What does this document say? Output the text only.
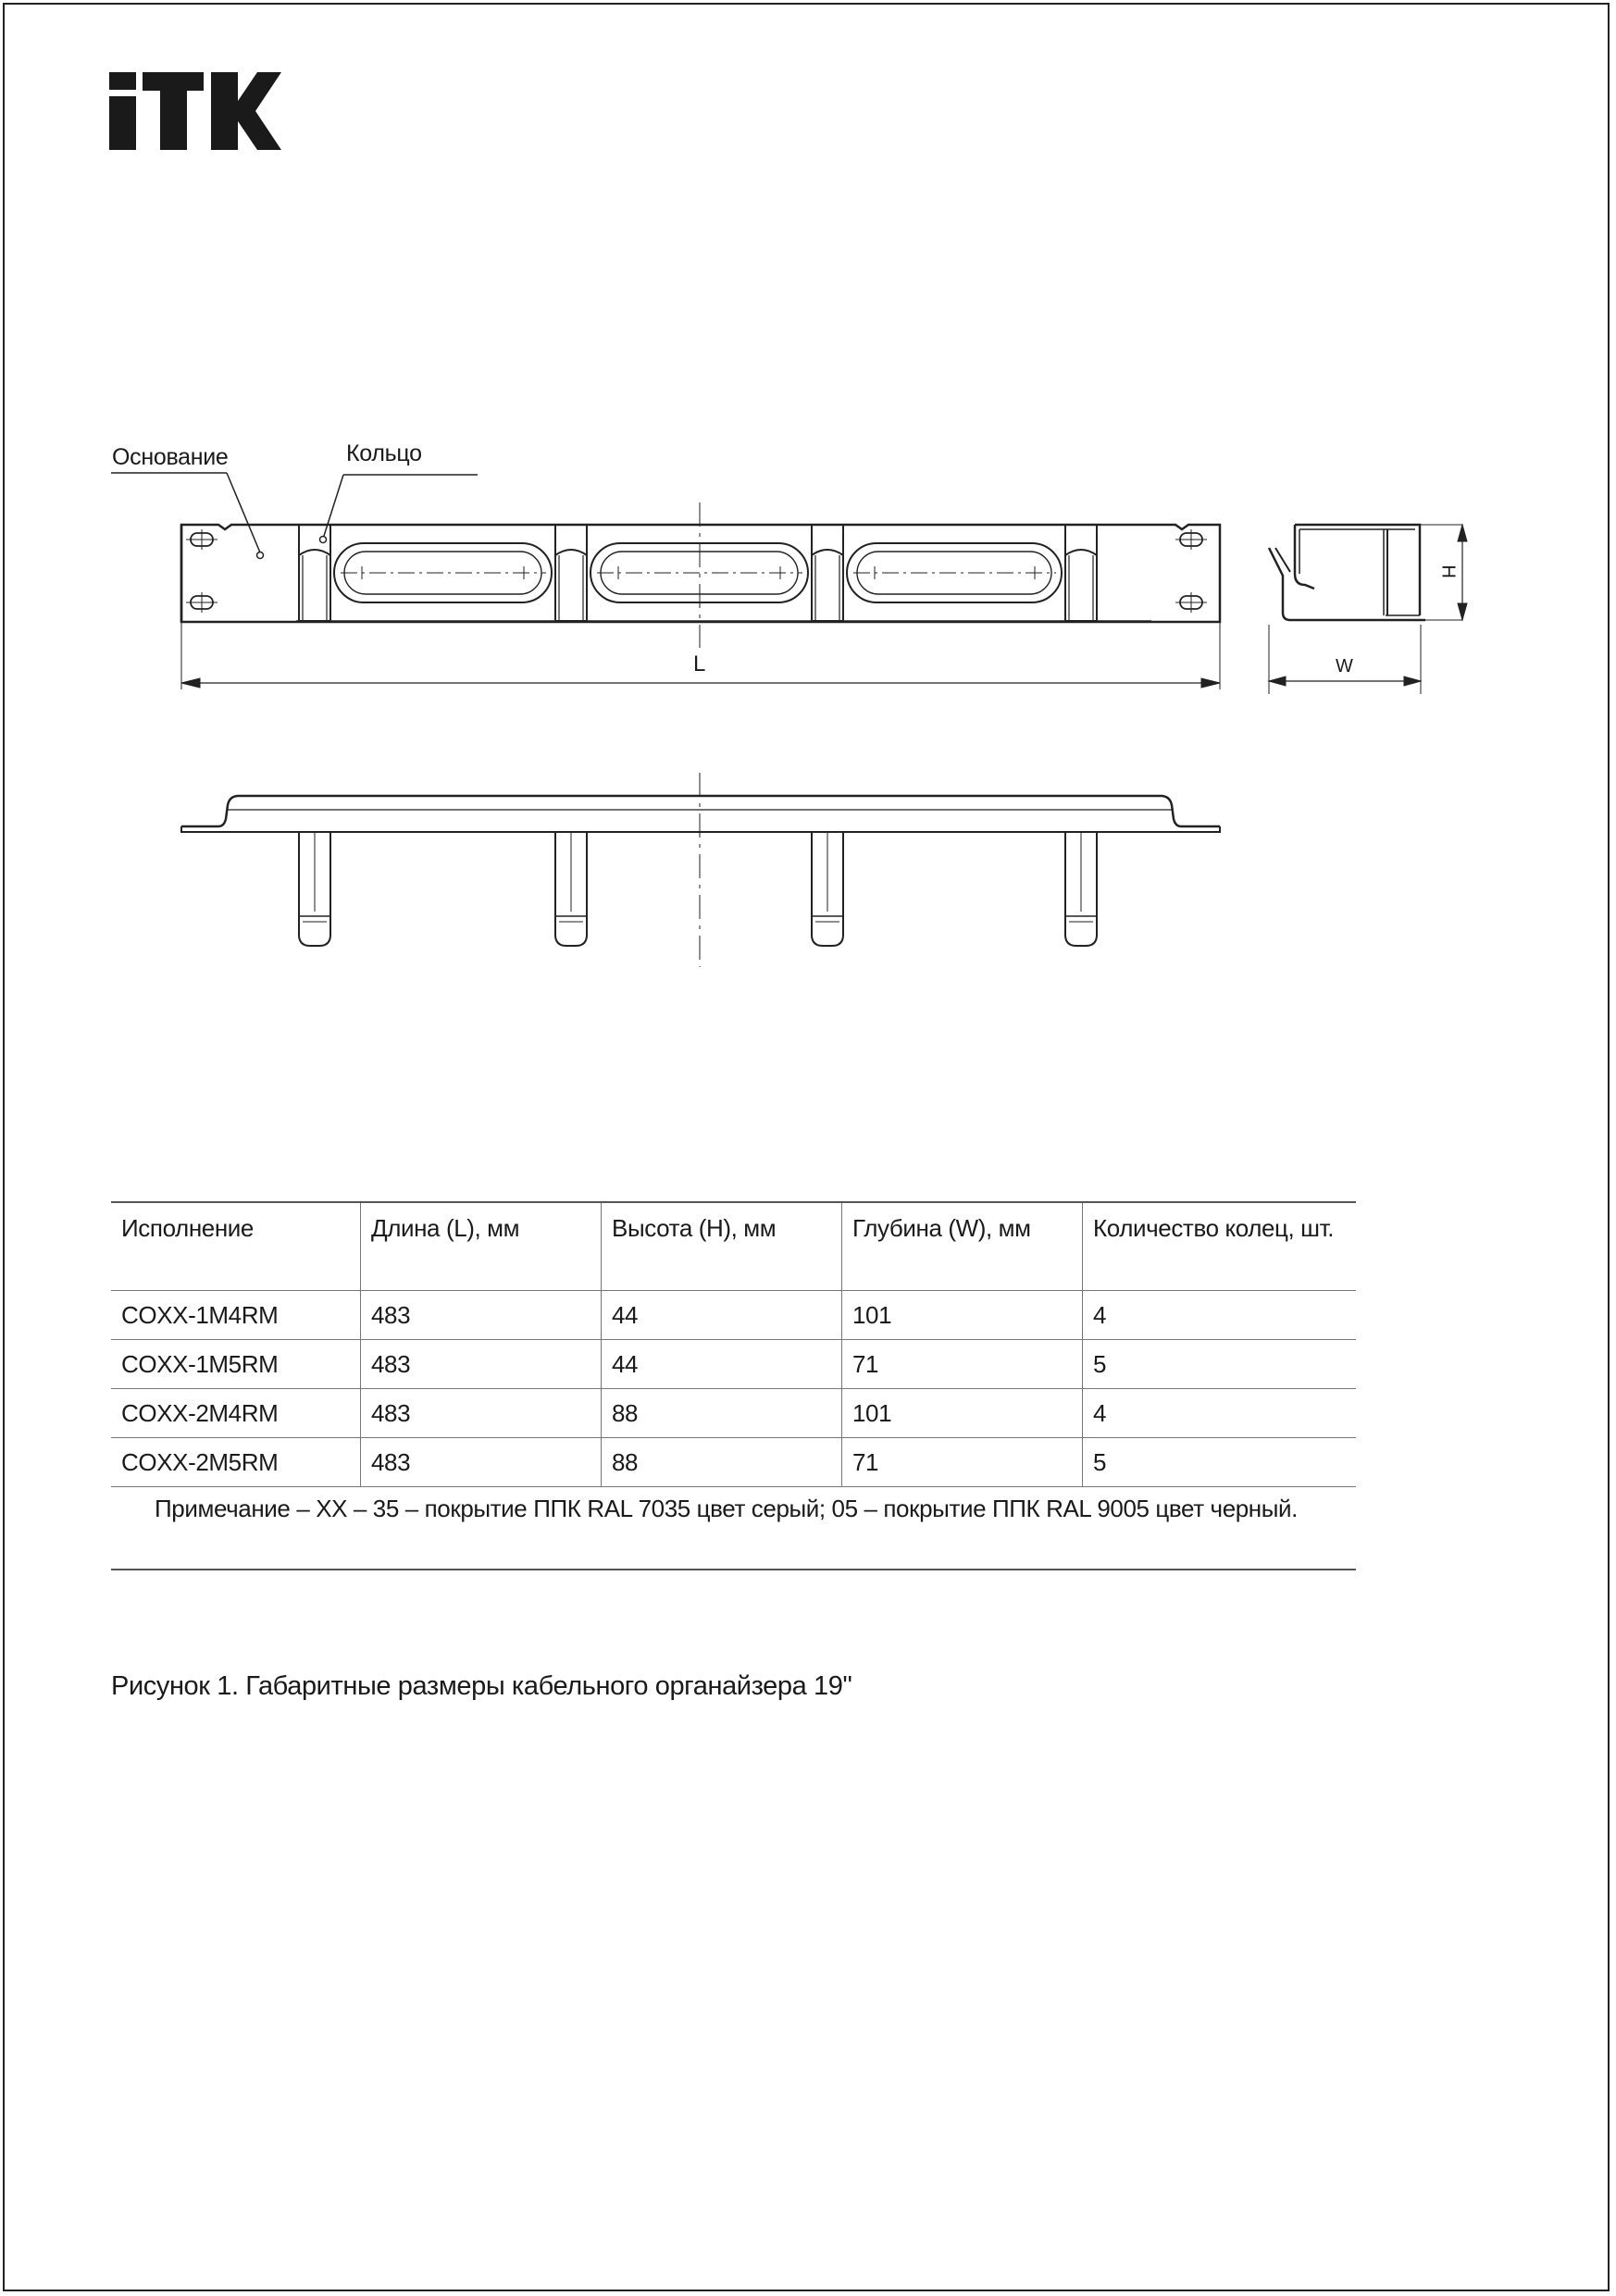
Основание	Кольцо
L
H
W
Исполнение	Длина (L), мм	Высота (H), мм	Глубина (W), мм	Количество колец, шт.
COXX-1M4RM	483	44	101	4
COXX-1M5RM	483	44	71	5
COXX-2M4RM	483	88	101	4
COXX-2M5RM	483	88	71	5
Примечание – XX – 35 – покрытие ППК RAL 7035 цвет серый; 05 – покрытие ППК RAL 9005 цвет черный.				
Рисунок 1. Габаритные размеры кабельного органайзера 19"
